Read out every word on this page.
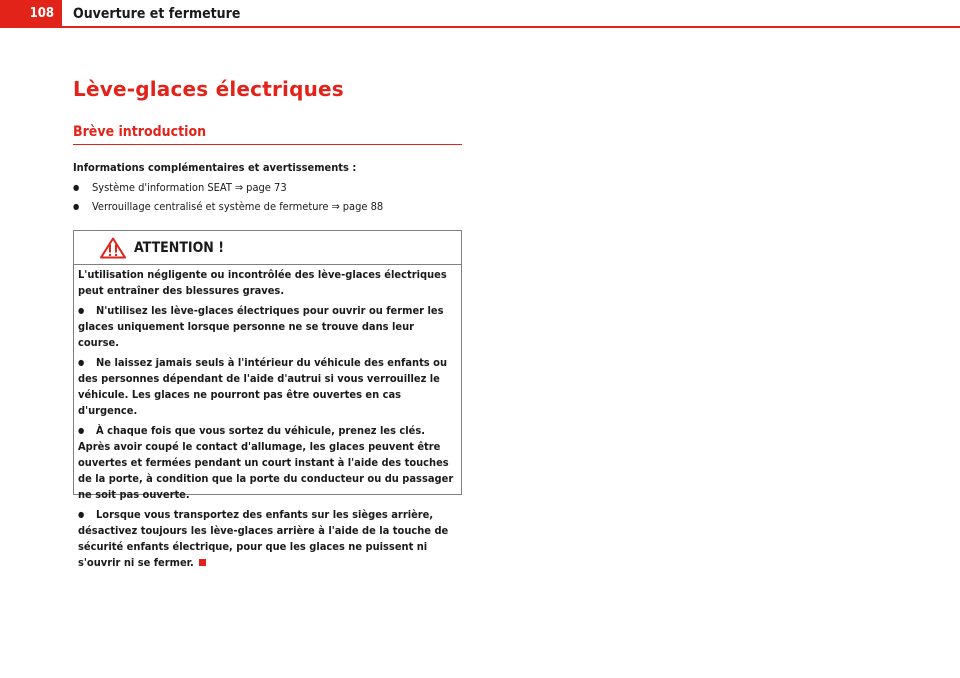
108	Ouverture et fermeture
Lève-glaces électriques
Brève introduction
Informations complémentaires et avertissements :
●Système d'information SEAT ⇒ page 73
●Verrouillage centralisé et système de fermeture ⇒ page 88
ATTENTION !

L'utilisation négligente ou incontrôlée des lève-glaces électriques peut entraîner des blessures graves.

●N'utilisez les lève-glaces électriques pour ouvrir ou fermer les glaces uniquement lorsque personne ne se trouve dans leur course.

●Ne laissez jamais seuls à l'intérieur du véhicule des enfants ou des personnes dépendant de l'aide d'autrui si vous verrouillez le véhicule. Les glaces ne pourront pas être ouvertes en cas d'urgence.

●À chaque fois que vous sortez du véhicule, prenez les clés. Après avoir coupé le contact d'allumage, les glaces peuvent être ouvertes et fermées pendant un court instant à l'aide des touches de la porte, à condition que la porte du conducteur ou du passager ne soit pas ouverte.

●Lorsque vous transportez des enfants sur les sièges arrière, désactivez toujours les lève-glaces arrière à l'aide de la touche de sécurité enfants électrique, pour que les glaces ne puissent ni s'ouvrir ni se fermer.
